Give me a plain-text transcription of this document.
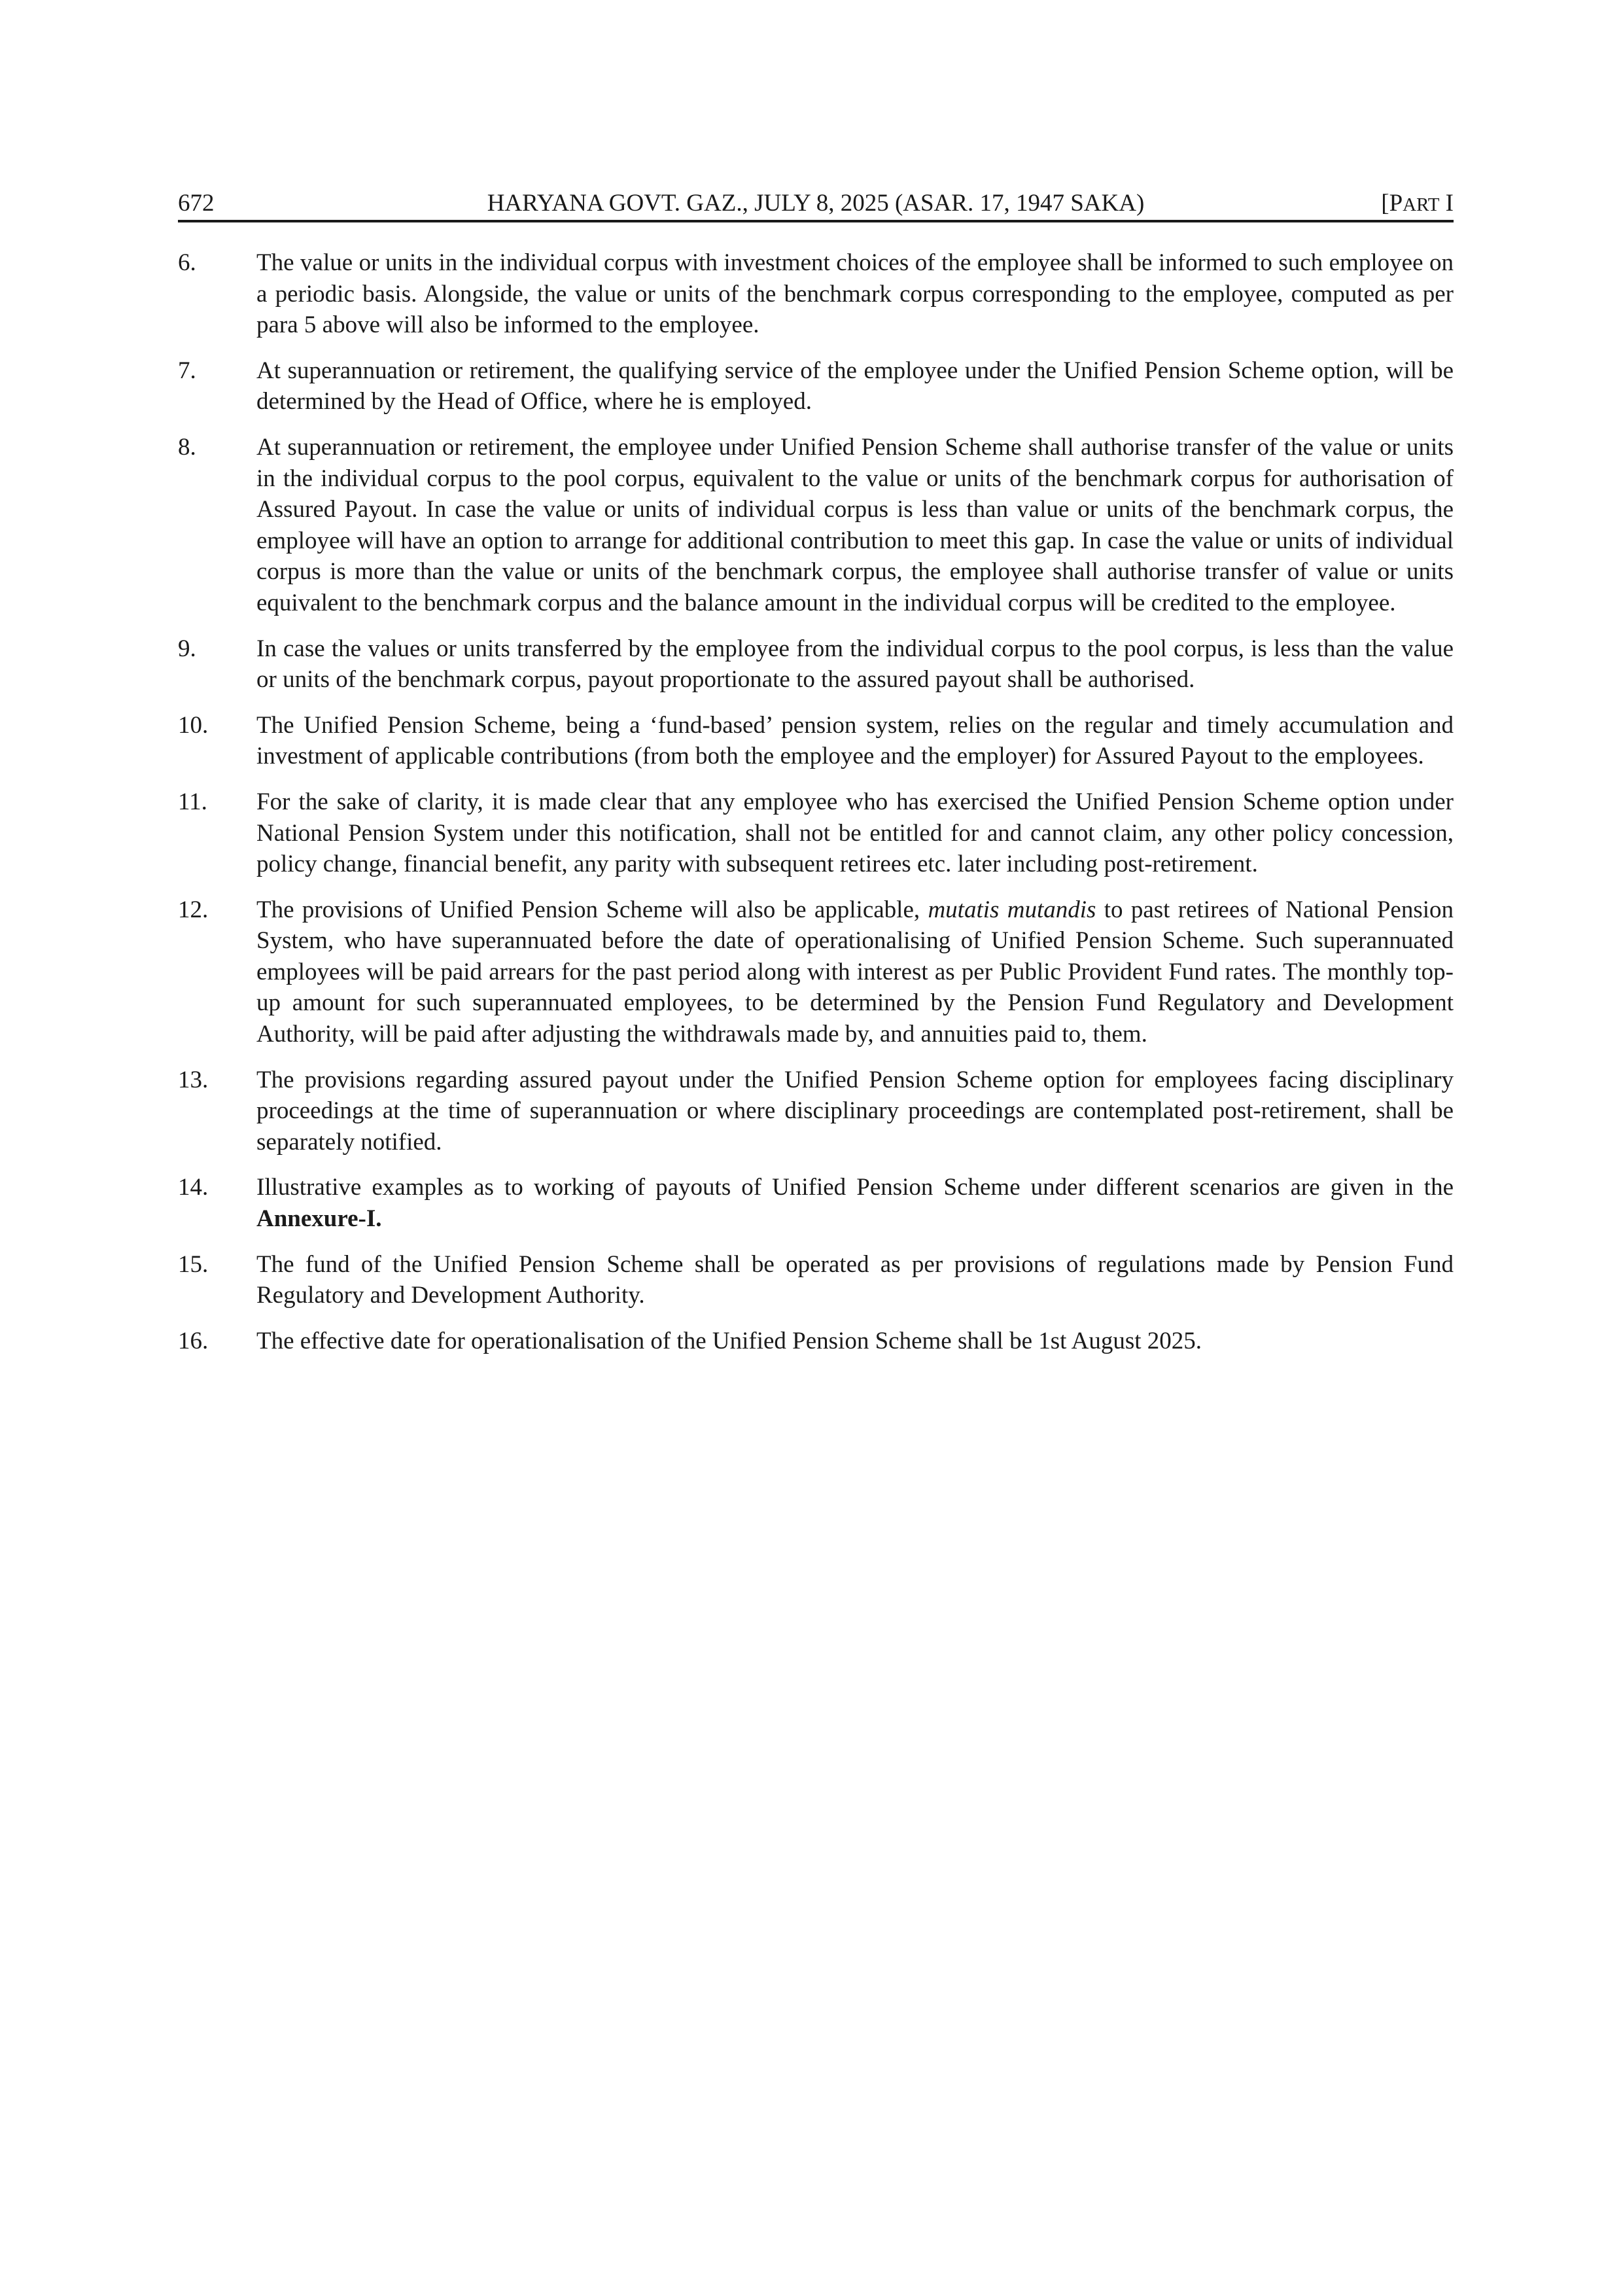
672	HARYANA GOVT. GAZ., JULY 8, 2025 (ASAR. 17, 1947 SAKA)	[PART I
6.	The value or units in the individual corpus with investment choices of the employee shall be informed to such employee on a periodic basis. Alongside, the value or units of the benchmark corpus corresponding to the employee, computed as per para 5 above will also be informed to the employee.
7.	At superannuation or retirement, the qualifying service of the employee under the Unified Pension Scheme option, will be determined by the Head of Office, where he is employed.
8.	At superannuation or retirement, the employee under Unified Pension Scheme shall authorise transfer of the value or units in the individual corpus to the pool corpus, equivalent to the value or units of the benchmark corpus for authorisation of Assured Payout. In case the value or units of individual corpus is less than value or units of the benchmark corpus, the employee will have an option to arrange for additional contribution to meet this gap. In case the value or units of individual corpus is more than the value or units of the benchmark corpus, the employee shall authorise transfer of value or units equivalent to the benchmark corpus and the balance amount in the individual corpus will be credited to the employee.
9.	In case the values or units transferred by the employee from the individual corpus to the pool corpus, is less than the value or units of the benchmark corpus, payout proportionate to the assured payout shall be authorised.
10.	The Unified Pension Scheme, being a ‘fund-based’ pension system, relies on the regular and timely accumulation and investment of applicable contributions (from both the employee and the employer) for Assured Payout to the employees.
11.	For the sake of clarity, it is made clear that any employee who has exercised the Unified Pension Scheme option under National Pension System under this notification, shall not be entitled for and cannot claim, any other policy concession, policy change, financial benefit, any parity with subsequent retirees etc. later including post-retirement.
12.	The provisions of Unified Pension Scheme will also be applicable, mutatis mutandis to past retirees of National Pension System, who have superannuated before the date of operationalising of Unified Pension Scheme. Such superannuated employees will be paid arrears for the past period along with interest as per Public Provident Fund rates. The monthly top-up amount for such superannuated employees, to be determined by the Pension Fund Regulatory and Development Authority, will be paid after adjusting the withdrawals made by, and annuities paid to, them.
13.	The provisions regarding assured payout under the Unified Pension Scheme option for employees facing disciplinary proceedings at the time of superannuation or where disciplinary proceedings are contemplated post-retirement, shall be separately notified.
14.	Illustrative examples as to working of payouts of Unified Pension Scheme under different scenarios are given in the Annexure-I.
15.	The fund of the Unified Pension Scheme shall be operated as per provisions of regulations made by Pension Fund Regulatory and Development Authority.
16.	The effective date for operationalisation of the Unified Pension Scheme shall be 1st August 2025.
